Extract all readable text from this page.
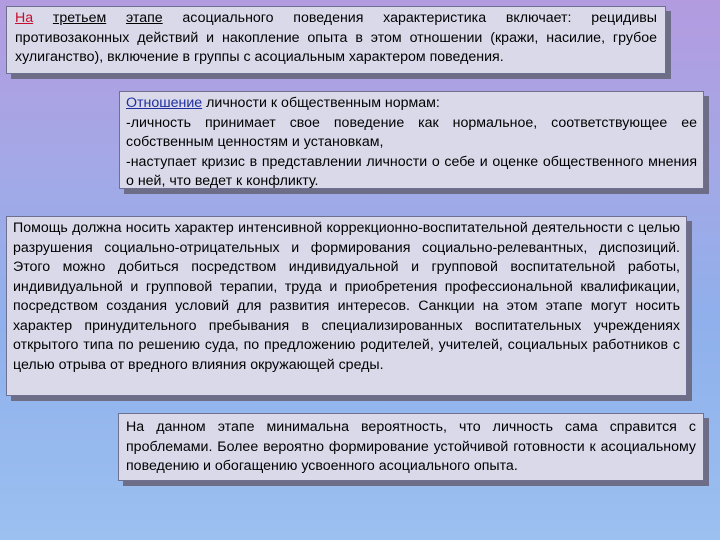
На третьем этапе асоциального поведения характеристика включает: рецидивы противозаконных действий и накопление опыта в этом отношении (кражи, насилие, грубое хулиганство), включение в группы с асоциальным характером поведения.

Отношение личности к общественным нормам:

-личность принимает свое поведение как нормальное, соответствующее ее собственным ценностям и установкам,

-наступает кризис в представлении личности о себе и оценке общественного мнения о ней, что ведет к конфликту.

Помощь должна носить характер интенсивной коррекционно-воспитательной деятельности с целью разрушения социально-отрицательных и формирования социально-релевантных, диспозиций. Этого можно добиться посредством индивидуальной и групповой воспитательной работы, индивидуальной и групповой терапии, труда и приобретения профессиональной квалификации, посредством создания условий для развития интересов. Санкции на этом этапе могут носить характер принудительного пребывания в специализированных воспитательных учреждениях открытого типа по решению суда, по предложению родителей, учителей, социальных работников с целью отрыва от вредного влияния окружающей среды.

На данном этапе минимальна вероятность, что личность сама справится с проблемами. Более вероятно формирование устойчивой готовности к асоциальному поведению и обогащению усвоенного асоциального опыта.
